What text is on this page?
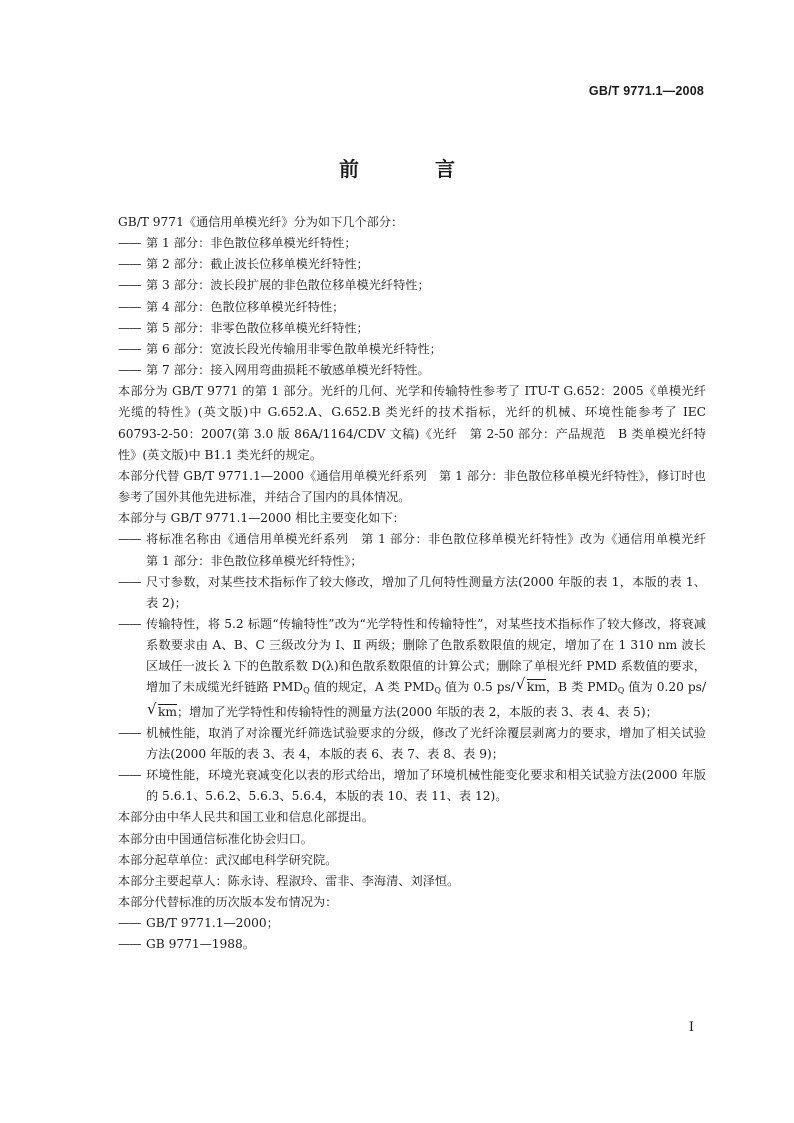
GB/T 9771.1—2008
前　言

GB/T 9771《通信用单模光纤》分为如下几个部分：

—— 第 1 部分：非色散位移单模光纤特性；

—— 第 2 部分：截止波长位移单模光纤特性；

—— 第 3 部分：波长段扩展的非色散位移单模光纤特性；

—— 第 4 部分：色散位移单模光纤特性；

—— 第 5 部分：非零色散位移单模光纤特性；

—— 第 6 部分：宽波长段光传输用非零色散单模光纤特性；

—— 第 7 部分：接入网用弯曲损耗不敏感单模光纤特性。

本部分为 GB/T 9771 的第 1 部分。光纤的几何、光学和传输特性参考了 ITU-T G.652：2005《单模光纤光缆的特性》(英文版)中 G.652.A、G.652.B 类光纤的技术指标，光纤的机械、环境性能参考了 IEC 60793-2-50：2007(第 3.0 版 86A/1164/CDV 文稿)《光纤　第 2-50 部分：产品规范　B 类单模光纤特性》(英文版)中 B1.1 类光纤的规定。

本部分代替 GB/T 9771.1—2000《通信用单模光纤系列　第 1 部分：非色散位移单模光纤特性》，修订时也参考了国外其他先进标准，并结合了国内的具体情况。

本部分与 GB/T 9771.1—2000 相比主要变化如下：

—— 将标准名称由《通信用单模光纤系列　第 1 部分：非色散位移单模光纤特性》改为《通信用单模光纤　第 1 部分：非色散位移单模光纤特性》；

—— 尺寸参数，对某些技术指标作了较大修改，增加了几何特性测量方法(2000 年版的表 1，本版的表 1、表 2)；

—— 传输特性，将 5.2 标题“传输特性”改为“光学特性和传输特性”，对某些技术指标作了较大修改，将衰减系数要求由 A、B、C 三级改分为 Ⅰ、Ⅱ 两级；删除了色散系数限值的规定，增加了在 1 310 nm 波长区域任一波长 λ 下的色散系数 D(λ)和色散系数限值的计算公式；删除了单根光纤 PMD 系数值的要求，增加了未成缆光纤链路 $PMD_Q$ 值的规定，A 类 $PMD_Q$ 值为 0.5 ps/ √ km，B 类 $PMD_Q$ 值为 0.20 ps/
√ km；增加了光学特性和传输特性的测量方法(2000 年版的表 2，本版的表 3、表 4、表 5)；

—— 机械性能，取消了对涂覆光纤筛选试验要求的分级，修改了光纤涂覆层剥离力的要求，增加了相关试验方法(2000 年版的表 3、表 4，本版的表 6、表 7、表 8、表 9)；

—— 环境性能，环境光衰减变化以表的形式给出，增加了环境机械性能变化要求和相关试验方法(2000 年版的 5.6.1、5.6.2、5.6.3、5.6.4，本版的表 10、表 11、表 12)。

本部分由中华人民共和国工业和信息化部提出。

本部分由中国通信标准化协会归口。

本部分起草单位：武汉邮电科学研究院。

本部分主要起草人：陈永诗、程淑玲、雷非、李海清、刘泽恒。

本部分代替标准的历次版本发布情况为：

—— GB/T 9771.1—2000；

—— GB 9771—1988。

I
